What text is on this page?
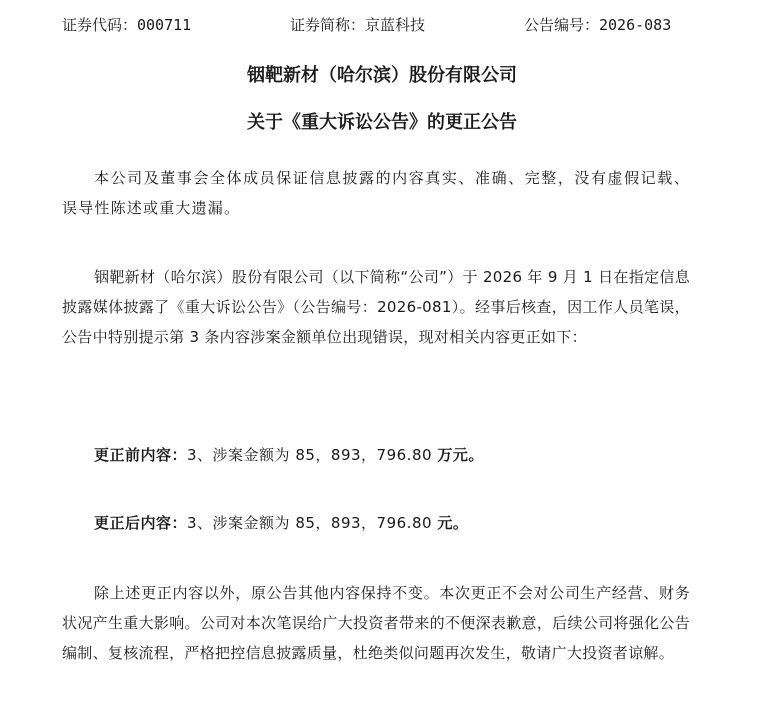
证券代码：000711	证券简称：京蓝科技	公告编号：2026-083
铟靶新材（哈尔滨）股份有限公司
关于《重大诉讼公告》的更正公告

本公司及董事会全体成员保证信息披露的内容真实、准确、完整，没有虚假记载、误导性陈述或重大遗漏。

铟靶新材（哈尔滨）股份有限公司（以下简称“公司”）于 2026 年 9 月 1 日在指定信息披露媒体披露了《重大诉讼公告》（公告编号：2026-081）。经事后核查，因工作人员笔误，公告中特别提示第 3 条内容涉案金额单位出现错误，现对相关内容更正如下：

更正前内容：3、涉案金额为 85，893，796.80 万元。

更正后内容：3、涉案金额为 85，893，796.80 元。

除上述更正内容以外，原公告其他内容保持不变。本次更正不会对公司生产经营、财务状况产生重大影响。公司对本次笔误给广大投资者带来的不便深表歉意，后续公司将强化公告编制、复核流程，严格把控信息披露质量，杜绝类似问题再次发生，敬请广大投资者谅解。
